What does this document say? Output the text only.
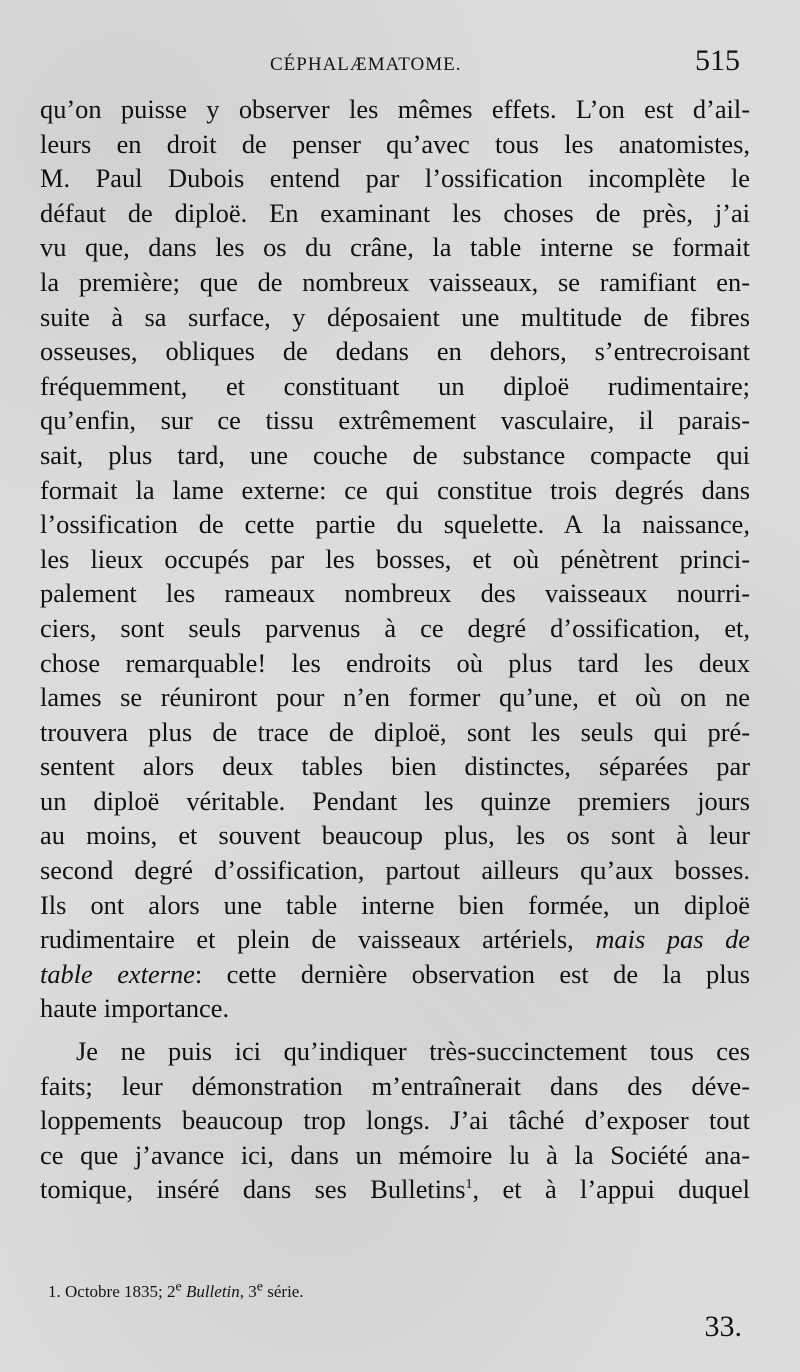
CÉPHALÆMATOME.	515

qu’on puisse y observer les mêmes effets. L’on est d’ail-
leurs en droit de penser qu’avec tous les anatomistes,
M. Paul Dubois entend par l’ossification incomplète le
défaut de diploë. En examinant les choses de près, j’ai
vu que, dans les os du crâne, la table interne se formait
la première; que de nombreux vaisseaux, se ramifiant en-
suite à sa surface, y déposaient une multitude de fibres
osseuses, obliques de dedans en dehors, s’entrecroisant
fréquemment, et constituant un diploë rudimentaire;
qu’enfin, sur ce tissu extrêmement vasculaire, il parais-
sait, plus tard, une couche de substance compacte qui
formait la lame externe: ce qui constitue trois degrés dans
l’ossification de cette partie du squelette. A la naissance,
les lieux occupés par les bosses, et où pénètrent princi-
palement les rameaux nombreux des vaisseaux nourri-
ciers, sont seuls parvenus à ce degré d’ossification, et,
chose remarquable! les endroits où plus tard les deux
lames se réuniront pour n’en former qu’une, et où on ne
trouvera plus de trace de diploë, sont les seuls qui pré-
sentent alors deux tables bien distinctes, séparées par
un diploë véritable. Pendant les quinze premiers jours
au moins, et souvent beaucoup plus, les os sont à leur
second degré d’ossification, partout ailleurs qu’aux bosses.
Ils ont alors une table interne bien formée, un diploë
rudimentaire et plein de vaisseaux artériels, mais pas de
table externe: cette dernière observation est de la plus
haute importance.

Je ne puis ici qu’indiquer très-succinctement tous ces
faits; leur démonstration m’entraînerait dans des déve-
loppements beaucoup trop longs. J’ai tâché d’exposer tout
ce que j’avance ici, dans un mémoire lu à la Société ana-
tomique, inséré dans ses Bulletins$^1$, et à l’appui duquel

1. Octobre 1835; 2e Bulletin, 3e série.
33.
